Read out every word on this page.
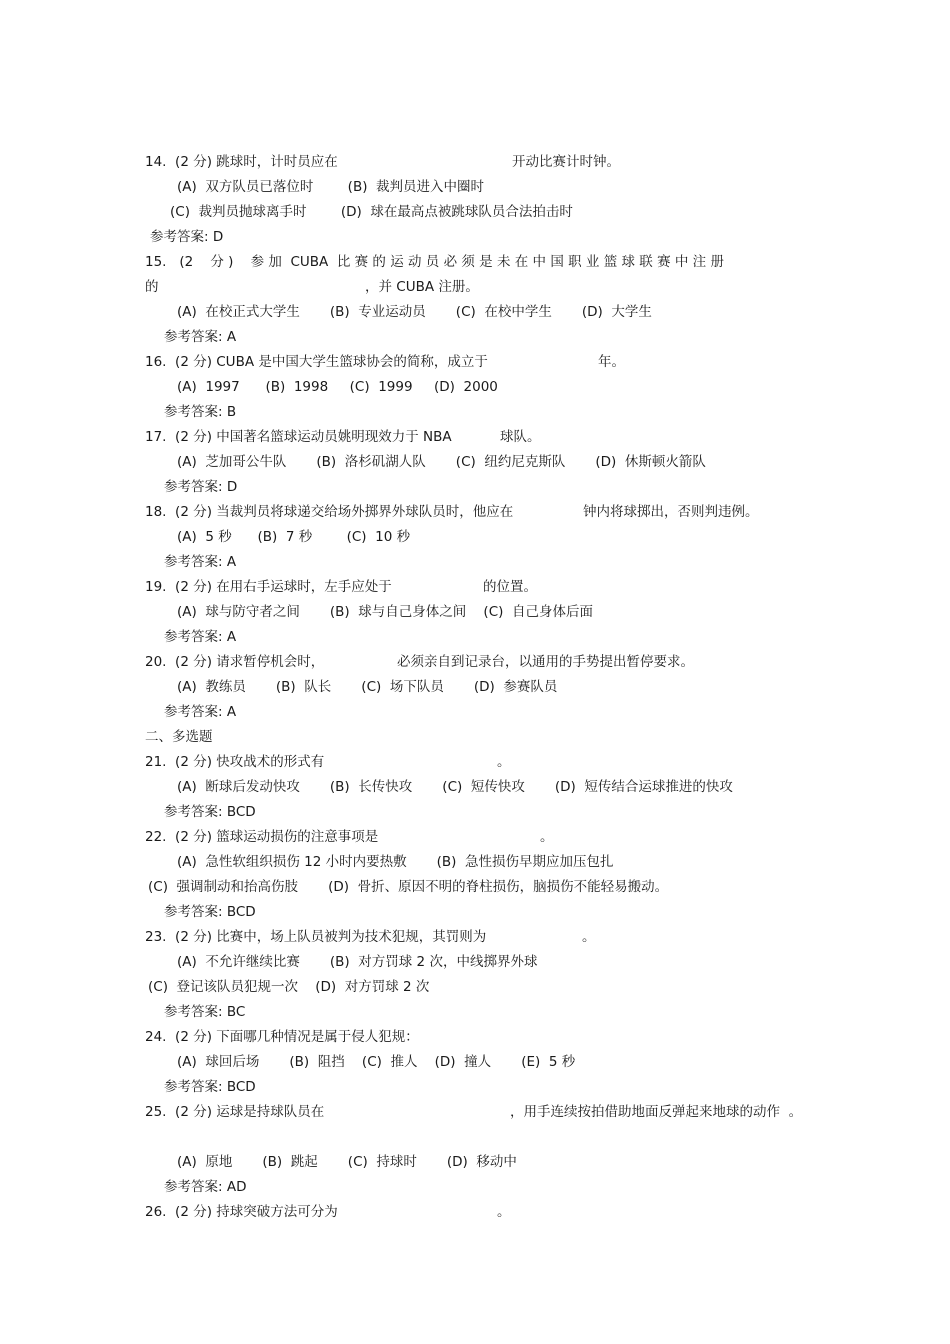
14.  (2 分) 跳球时，计时员应在	开动比赛计时钟。
(A)  双方队员已落位时        (B)  裁判员进入中圈时
(C)  裁判员抛球离手时        (D)  球在最高点被跳球队员合法拍击时
参考答案: D
15.   (2    分 )    参 加  CUBA  比 赛 的 运 动 员 必 须 是 未 在 中 国 职 业 篮 球 联 赛 中 注 册
的	，并 CUBA 注册。
(A)  在校正式大学生       (B)  专业运动员       (C)  在校中学生       (D)  大学生
参考答案: A
16.  (2 分) CUBA 是中国大学生篮球协会的简称，成立于	年。
(A)  1997      (B)  1998     (C)  1999     (D)  2000
参考答案: B
17.  (2 分) 中国著名篮球运动员姚明现效力于 NBA	球队。
(A)  芝加哥公牛队       (B)  洛杉矶湖人队       (C)  纽约尼克斯队       (D)  休斯顿火箭队
参考答案: D
18.  (2 分) 当裁判员将球递交给场外掷界外球队员时，他应在	钟内将球掷出，否则判违例。
(A)  5 秒      (B)  7 秒        (C)  10 秒
参考答案: A
19.  (2 分) 在用右手运球时，左手应处于	的位置。
(A)  球与防守者之间       (B)  球与自己身体之间    (C)  自己身体后面
参考答案: A
20.  (2 分) 请求暂停机会时，	必须亲自到记录台，以通用的手势提出暂停要求。
(A)  教练员       (B)  队长       (C)  场下队员       (D)  参赛队员
参考答案: A
二、多选题
21.  (2 分) 快攻战术的形式有	。
(A)  断球后发动快攻       (B)  长传快攻       (C)  短传快攻       (D)  短传结合运球推进的快攻
参考答案: BCD
22.  (2 分) 篮球运动损伤的注意事项是	。
(A)  急性软组织损伤 12 小时内要热敷       (B)  急性损伤早期应加压包扎
(C)  强调制动和抬高伤肢       (D)  骨折、原因不明的脊柱损伤，脑损伤不能轻易搬动。
参考答案: BCD
23.  (2 分) 比赛中，场上队员被判为技术犯规，其罚则为	。
(A)  不允许继续比赛       (B)  对方罚球 2 次，中线掷界外球
(C)  登记该队员犯规一次    (D)  对方罚球 2 次
参考答案: BC
24.  (2 分) 下面哪几种情况是属于侵人犯规：
(A)  球回后场       (B)  阻挡    (C)  推人    (D)  撞人       (E)  5 秒
参考答案: BCD
25.  (2 分) 运球是持球队员在	，用手连续按拍借助地面反弹起来地球的动作  。
(A)  原地       (B)  跳起       (C)  持球时       (D)  移动中
参考答案: AD
26.  (2 分) 持球突破方法可分为	。
